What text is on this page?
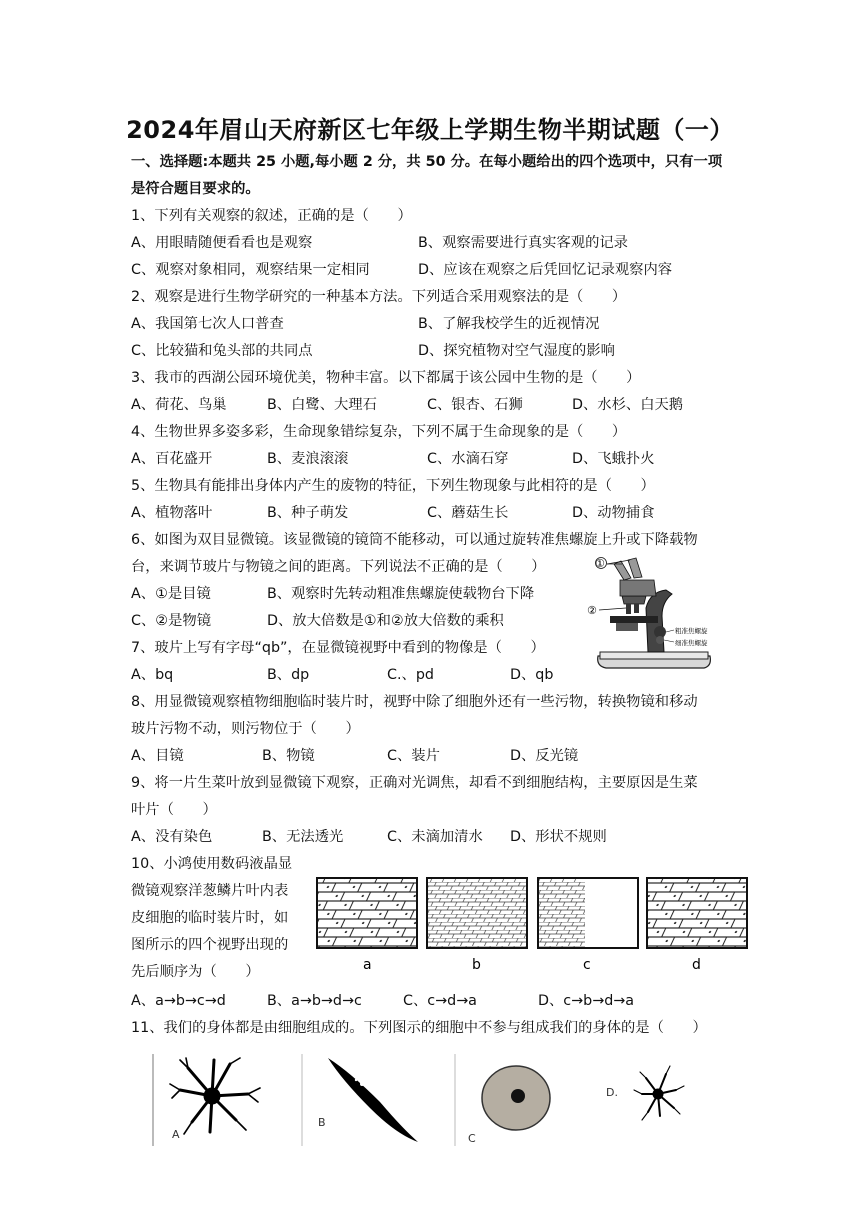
2024年眉山天府新区七年级上学期生物半期试题（一）
一、选择题:本题共 25 小题,每小题 2 分，共 50 分。在每小题给出的四个选项中，只有一项
是符合题目要求的。
1、下列有关观察的叙述，正确的是（　　）
A、用眼睛随便看看也是观察	B、观察需要进行真实客观的记录
C、观察对象相同，观察结果一定相同	D、应该在观察之后凭回忆记录观察内容
2、观察是进行生物学研究的一种基本方法。下列适合采用观察法的是（　　）
A、我国第七次人口普查	B、了解我校学生的近视情况
C、比较猫和兔头部的共同点	D、探究植物对空气湿度的影响
3、我市的西湖公园环境优美，物种丰富。以下都属于该公园中生物的是（　　）
A、荷花、鸟巢	B、白鹭、大理石	C、银杏、石狮	D、水杉、白天鹅
4、生物世界多姿多彩，生命现象错综复杂，下列不属于生命现象的是（　　）
A、百花盛开	B、麦浪滚滚	C、水滴石穿	D、飞蛾扑火
5、生物具有能排出身体内产生的废物的特征，下列生物现象与此相符的是（　　）
A、植物落叶	B、种子萌发	C、蘑菇生长	D、动物捕食
6、如图为双目显微镜。该显微镜的镜筒不能移动，可以通过旋转准焦螺旋上升或下降载物
台，来调节玻片与物镜之间的距离。下列说法不正确的是（　　）
A、①是目镜	B、观察时先转动粗准焦螺旋使载物台下降
C、②是物镜	D、放大倍数是①和②放大倍数的乘积
①
②
粗准焦螺旋
细准焦螺旋
7、玻片上写有字母“qb”，在显微镜视野中看到的物像是（　　）
A、bq	B、dp	C.、pd	D、qb
8、用显微镜观察植物细胞临时装片时，视野中除了细胞外还有一些污物，转换物镜和移动
玻片污物不动，则污物位于（　　）
A、目镜	B、物镜	C、装片	D、反光镜
9、将一片生菜叶放到显微镜下观察，正确对光调焦，却看不到细胞结构，主要原因是生菜
叶片（　　）
A、没有染色	B、无法透光	C、未滴加清水 D、形状不规则
10、小鸿使用数码液晶显
微镜观察洋葱鳞片叶内表
皮细胞的临时装片时，如
图所示的四个视野出现的
先后顺序为（　　）	a	b	c	d
A、a→b→c→d	B、a→b→d→c	C、c→d→a	D、c→b→d→a
11、我们的身体都是由细胞组成的。下列图示的细胞中不参与组成我们的身体的是（　　）
A
B
C
D.
